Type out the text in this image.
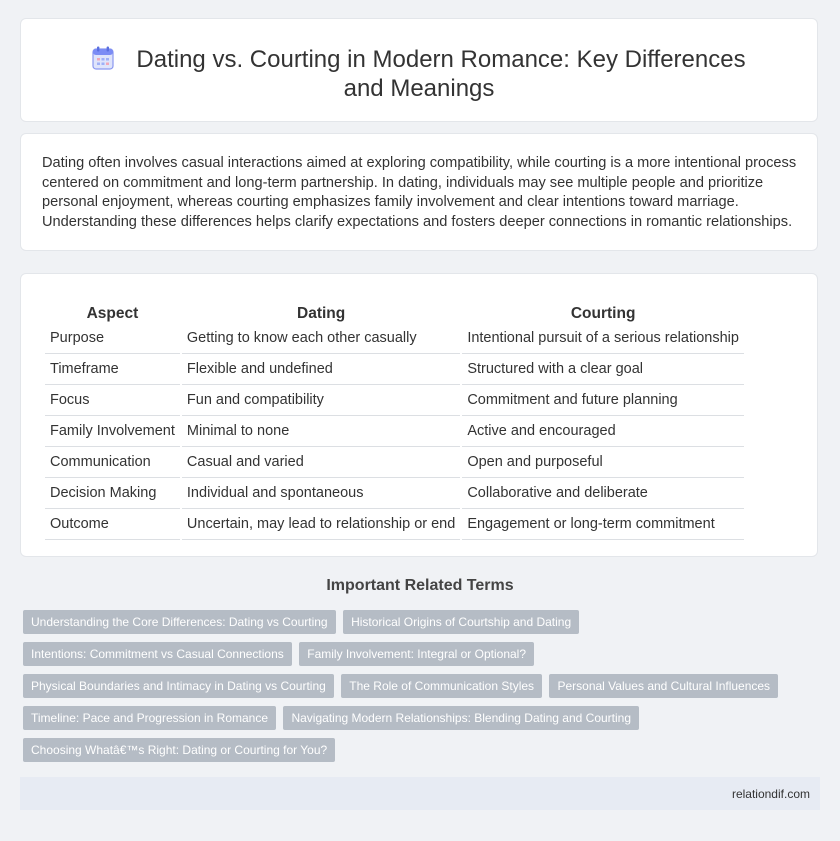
Dating vs. Courting in Modern Romance: Key Differences and Meanings

Dating often involves casual interactions aimed at exploring compatibility, while courting is a more intentional process centered on commitment and long-term partnership. In dating, individuals may see multiple people and prioritize personal enjoyment, whereas courting emphasizes family involvement and clear intentions toward marriage. Understanding these differences helps clarify expectations and fosters deeper connections in romantic relationships.

Aspect	Dating	Courting
Purpose	Getting to know each other casually	Intentional pursuit of a serious relationship
Timeframe	Flexible and undefined	Structured with a clear goal
Focus	Fun and compatibility	Commitment and future planning
Family Involvement	Minimal to none	Active and encouraged
Communication	Casual and varied	Open and purposeful
Decision Making	Individual and spontaneous	Collaborative and deliberate
Outcome	Uncertain, may lead to relationship or end	Engagement or long-term commitment
Important Related Terms
Understanding the Core Differences: Dating vs Courting Historical Origins of Courtship and Dating Intentions: Commitment vs Casual Connections Family Involvement: Integral or Optional? Physical Boundaries and Intimacy in Dating vs Courting The Role of Communication Styles Personal Values and Cultural Influences Timeline: Pace and Progression in Romance Navigating Modern Relationships: Blending Dating and Courting Choosing Whatâ€™s Right: Dating or Courting for You?
relationdif.com
